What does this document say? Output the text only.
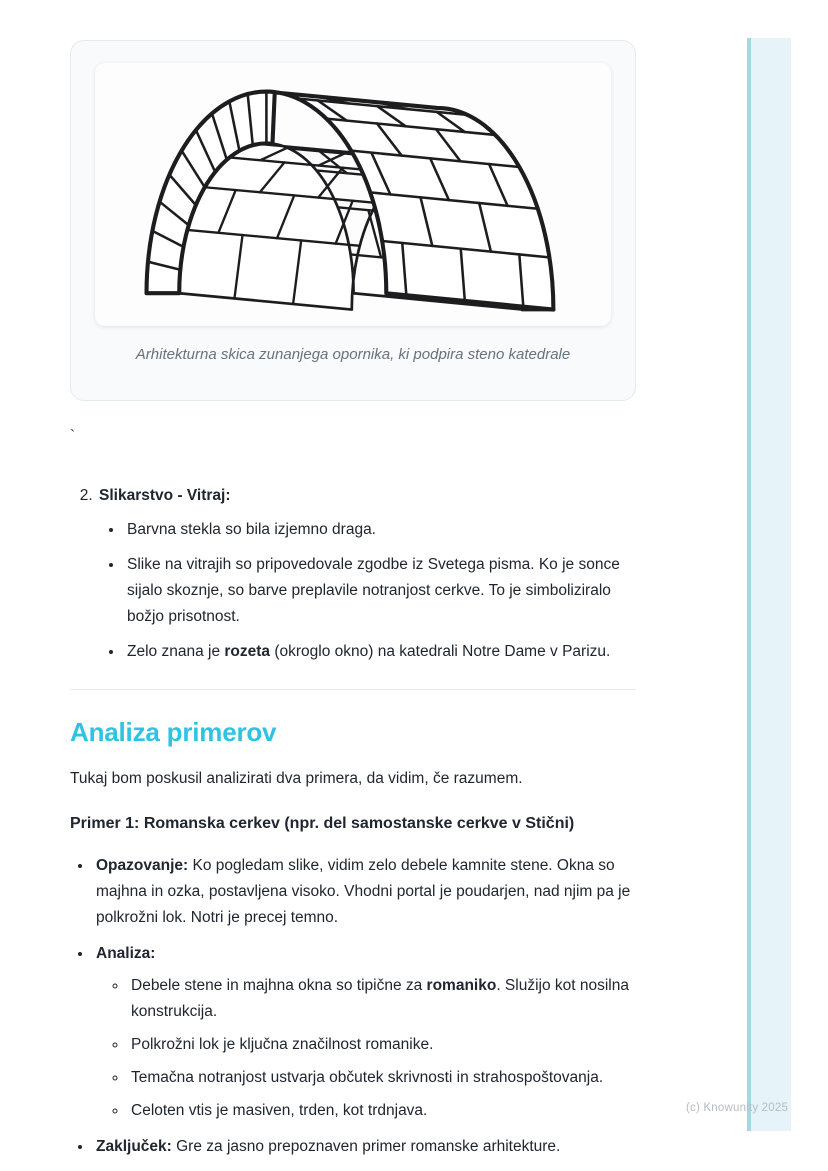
Arhitekturna skica zunanjega opornika, ki podpira steno katedrale

`

2. Slikarstvo - Vitraj:
• Barvna stekla so bila izjemno draga.
• Slike na vitrajih so pripovedovale zgodbe iz Svetega pisma. Ko je sonce sijalo skoznje, so barve preplavile notranjost cerkve. To je simboliziralo božjo prisotnost.
• Zelo znana je rozeta (okroglo okno) na katedrali Notre Dame v Parizu.
Analiza primerov

Tukaj bom poskusil analizirati dva primera, da vidim, če razumem.

Primer 1: Romanska cerkev (npr. del samostanske cerkve v Stični)

• Opazovanje: Ko pogledam slike, vidim zelo debele kamnite stene. Okna so majhna in ozka, postavljena visoko. Vhodni portal je poudarjen, nad njim pa je polkrožni lok. Notri je precej temno.
• Analiza:
◦ Debele stene in majhna okna so tipične za romaniko. Služijo kot nosilna konstrukcija.
◦ Polkrožni lok je ključna značilnost romanike.
◦ Temačna notranjost ustvarja občutek skrivnosti in strahospoštovanja.
◦ Celoten vtis je masiven, trden, kot trdnjava.
• Zaključek: Gre za jasno prepoznaven primer romanske arhitekture.
(c) Knowunity 2025
